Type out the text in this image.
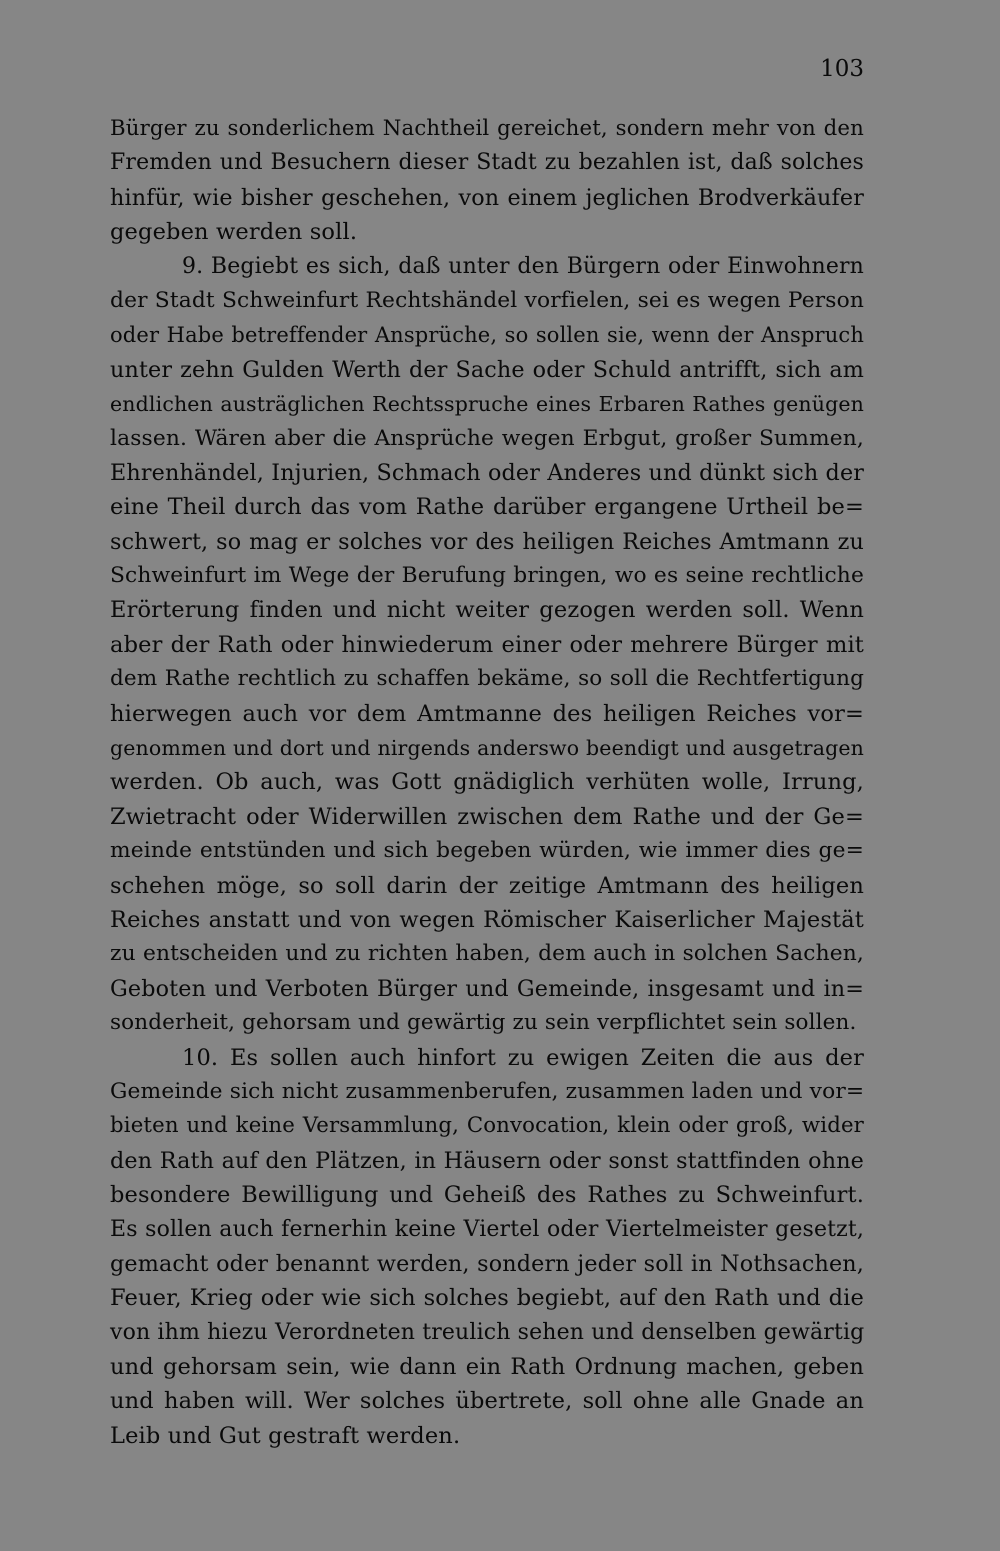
103
Bürger zu sonderlichem Nachtheil gereichet, sondern mehr von den
Fremden und Besuchern dieser Stadt zu bezahlen ist, daß solches
hinfür, wie bisher geschehen, von einem jeglichen Brodverkäufer
gegeben werden soll.
9. Begiebt es sich, daß unter den Bürgern oder Einwohnern
der Stadt Schweinfurt Rechtshändel vorfielen, sei es wegen Person
oder Habe betreffender Ansprüche, so sollen sie, wenn der Anspruch
unter zehn Gulden Werth der Sache oder Schuld antrifft, sich am
endlichen austräglichen Rechtsspruche eines Erbaren Rathes genügen
lassen. Wären aber die Ansprüche wegen Erbgut, großer Summen,
Ehrenhändel, Injurien, Schmach oder Anderes und dünkt sich der
eine Theil durch das vom Rathe darüber ergangene Urtheil be=
schwert, so mag er solches vor des heiligen Reiches Amtmann zu
Schweinfurt im Wege der Berufung bringen, wo es seine rechtliche
Erörterung finden und nicht weiter gezogen werden soll. Wenn
aber der Rath oder hinwiederum einer oder mehrere Bürger mit
dem Rathe rechtlich zu schaffen bekäme, so soll die Rechtfertigung
hierwegen auch vor dem Amtmanne des heiligen Reiches vor=
genommen und dort und nirgends anderswo beendigt und ausgetragen
werden. Ob auch, was Gott gnädiglich verhüten wolle, Irrung,
Zwietracht oder Widerwillen zwischen dem Rathe und der Ge=
meinde entstünden und sich begeben würden, wie immer dies ge=
schehen möge, so soll darin der zeitige Amtmann des heiligen
Reiches anstatt und von wegen Römischer Kaiserlicher Majestät
zu entscheiden und zu richten haben, dem auch in solchen Sachen,
Geboten und Verboten Bürger und Gemeinde, insgesamt und in=
sonderheit, gehorsam und gewärtig zu sein verpflichtet sein sollen.
10. Es sollen auch hinfort zu ewigen Zeiten die aus der
Gemeinde sich nicht zusammenberufen, zusammen laden und vor=
bieten und keine Versammlung, Convocation, klein oder groß, wider
den Rath auf den Plätzen, in Häusern oder sonst stattfinden ohne
besondere Bewilligung und Geheiß des Rathes zu Schweinfurt.
Es sollen auch fernerhin keine Viertel oder Viertelmeister gesetzt,
gemacht oder benannt werden, sondern jeder soll in Nothsachen,
Feuer, Krieg oder wie sich solches begiebt, auf den Rath und die
von ihm hiezu Verordneten treulich sehen und denselben gewärtig
und gehorsam sein, wie dann ein Rath Ordnung machen, geben
und haben will. Wer solches übertrete, soll ohne alle Gnade an
Leib und Gut gestraft werden.
